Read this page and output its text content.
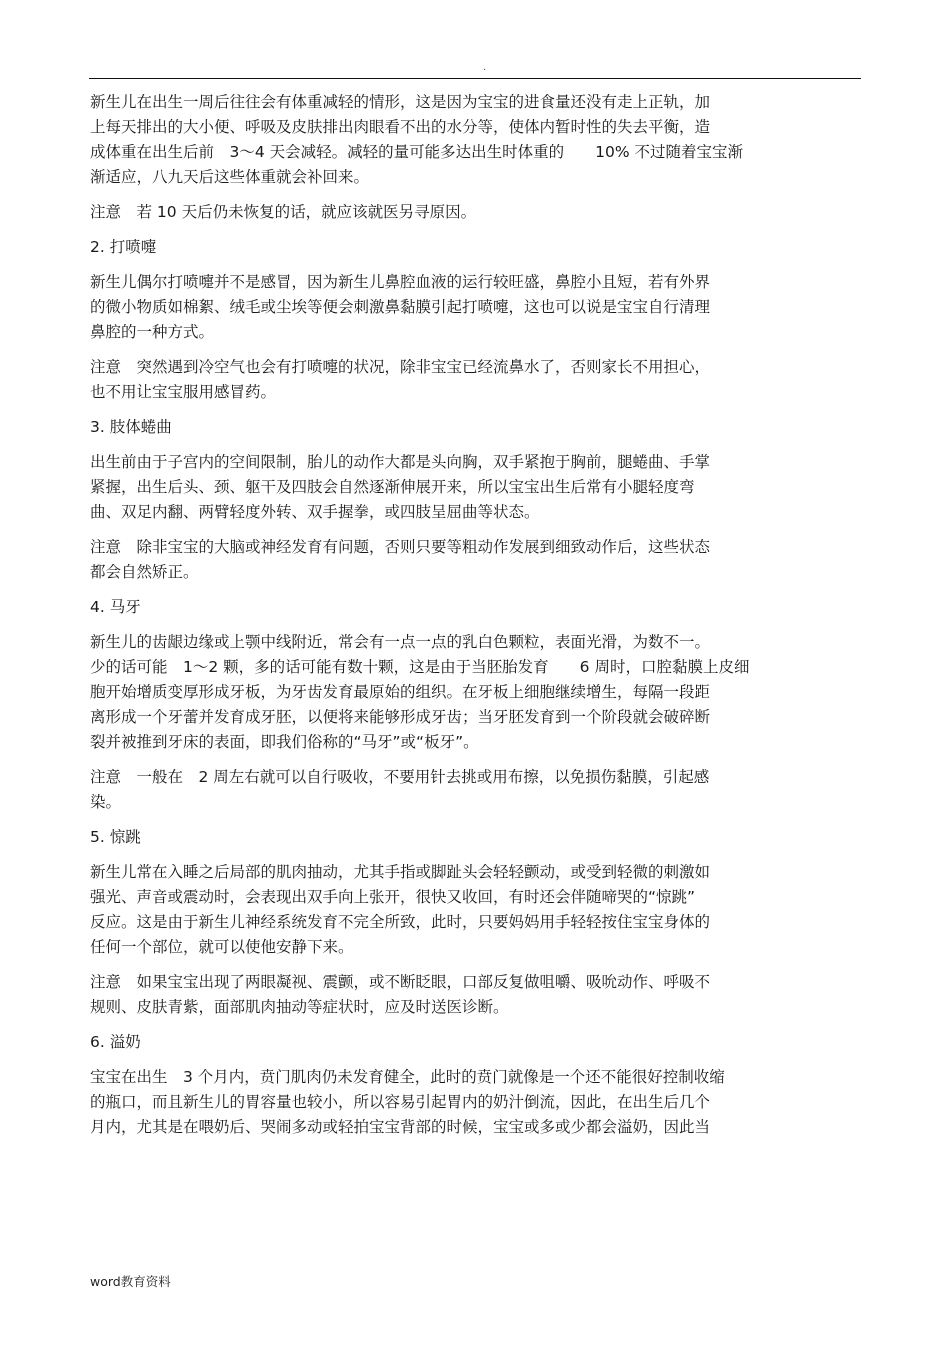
.

新生儿在出生一周后往往会有体重减轻的情形，这是因为宝宝的进食量还没有走上正轨，加
上每天排出的大小便、呼吸及皮肤排出肉眼看不出的水分等，使体内暂时性的失去平衡，造
成体重在出生后前　3～4 天会减轻。减轻的量可能多达出生时体重的　　10% 不过随着宝宝渐
渐适应，八九天后这些体重就会补回来。

注意　若 10 天后仍未恢复的话，就应该就医另寻原因。

2. 打喷嚏

新生儿偶尔打喷嚏并不是感冒，因为新生儿鼻腔血液的运行较旺盛，鼻腔小且短，若有外界
的微小物质如棉絮、绒毛或尘埃等便会刺激鼻黏膜引起打喷嚏，这也可以说是宝宝自行清理
鼻腔的一种方式。

注意　突然遇到冷空气也会有打喷嚏的状况，除非宝宝已经流鼻水了，否则家长不用担心，
也不用让宝宝服用感冒药。

3. 肢体蜷曲

出生前由于子宫内的空间限制，胎儿的动作大都是头向胸，双手紧抱于胸前，腿蜷曲、手掌
紧握，出生后头、颈、躯干及四肢会自然逐渐伸展开来，所以宝宝出生后常有小腿轻度弯
曲、双足内翻、两臂轻度外转、双手握拳，或四肢呈屈曲等状态。

注意　除非宝宝的大脑或神经发育有问题，否则只要等粗动作发展到细致动作后，这些状态
都会自然矫正。

4. 马牙

新生儿的齿龈边缘或上颚中线附近，常会有一点一点的乳白色颗粒，表面光滑，为数不一。
少的话可能　1～2 颗，多的话可能有数十颗，这是由于当胚胎发育　　6 周时，口腔黏膜上皮细
胞开始增质变厚形成牙板，为牙齿发育最原始的组织。在牙板上细胞继续增生，每隔一段距
离形成一个牙蕾并发育成牙胚，以便将来能够形成牙齿；当牙胚发育到一个阶段就会破碎断
裂并被推到牙床的表面，即我们俗称的“马牙”或“板牙”。

注意　一般在　2 周左右就可以自行吸收，不要用针去挑或用布擦，以免损伤黏膜，引起感
染。

5. 惊跳

新生儿常在入睡之后局部的肌肉抽动，尤其手指或脚趾头会轻轻颤动，或受到轻微的刺激如
强光、声音或震动时，会表现出双手向上张开，很快又收回，有时还会伴随啼哭的“惊跳”
反应。这是由于新生儿神经系统发育不完全所致，此时，只要妈妈用手轻轻按住宝宝身体的
任何一个部位，就可以使他安静下来。

注意　如果宝宝出现了两眼凝视、震颤，或不断眨眼，口部反复做咀嚼、吸吮动作、呼吸不
规则、皮肤青紫，面部肌肉抽动等症状时，应及时送医诊断。

6. 溢奶

宝宝在出生　3 个月内，贲门肌肉仍未发育健全，此时的贲门就像是一个还不能很好控制收缩
的瓶口，而且新生儿的胃容量也较小，所以容易引起胃内的奶汁倒流，因此，在出生后几个
月内，尤其是在喂奶后、哭闹多动或轻拍宝宝背部的时候，宝宝或多或少都会溢奶，因此当

word教育资料
